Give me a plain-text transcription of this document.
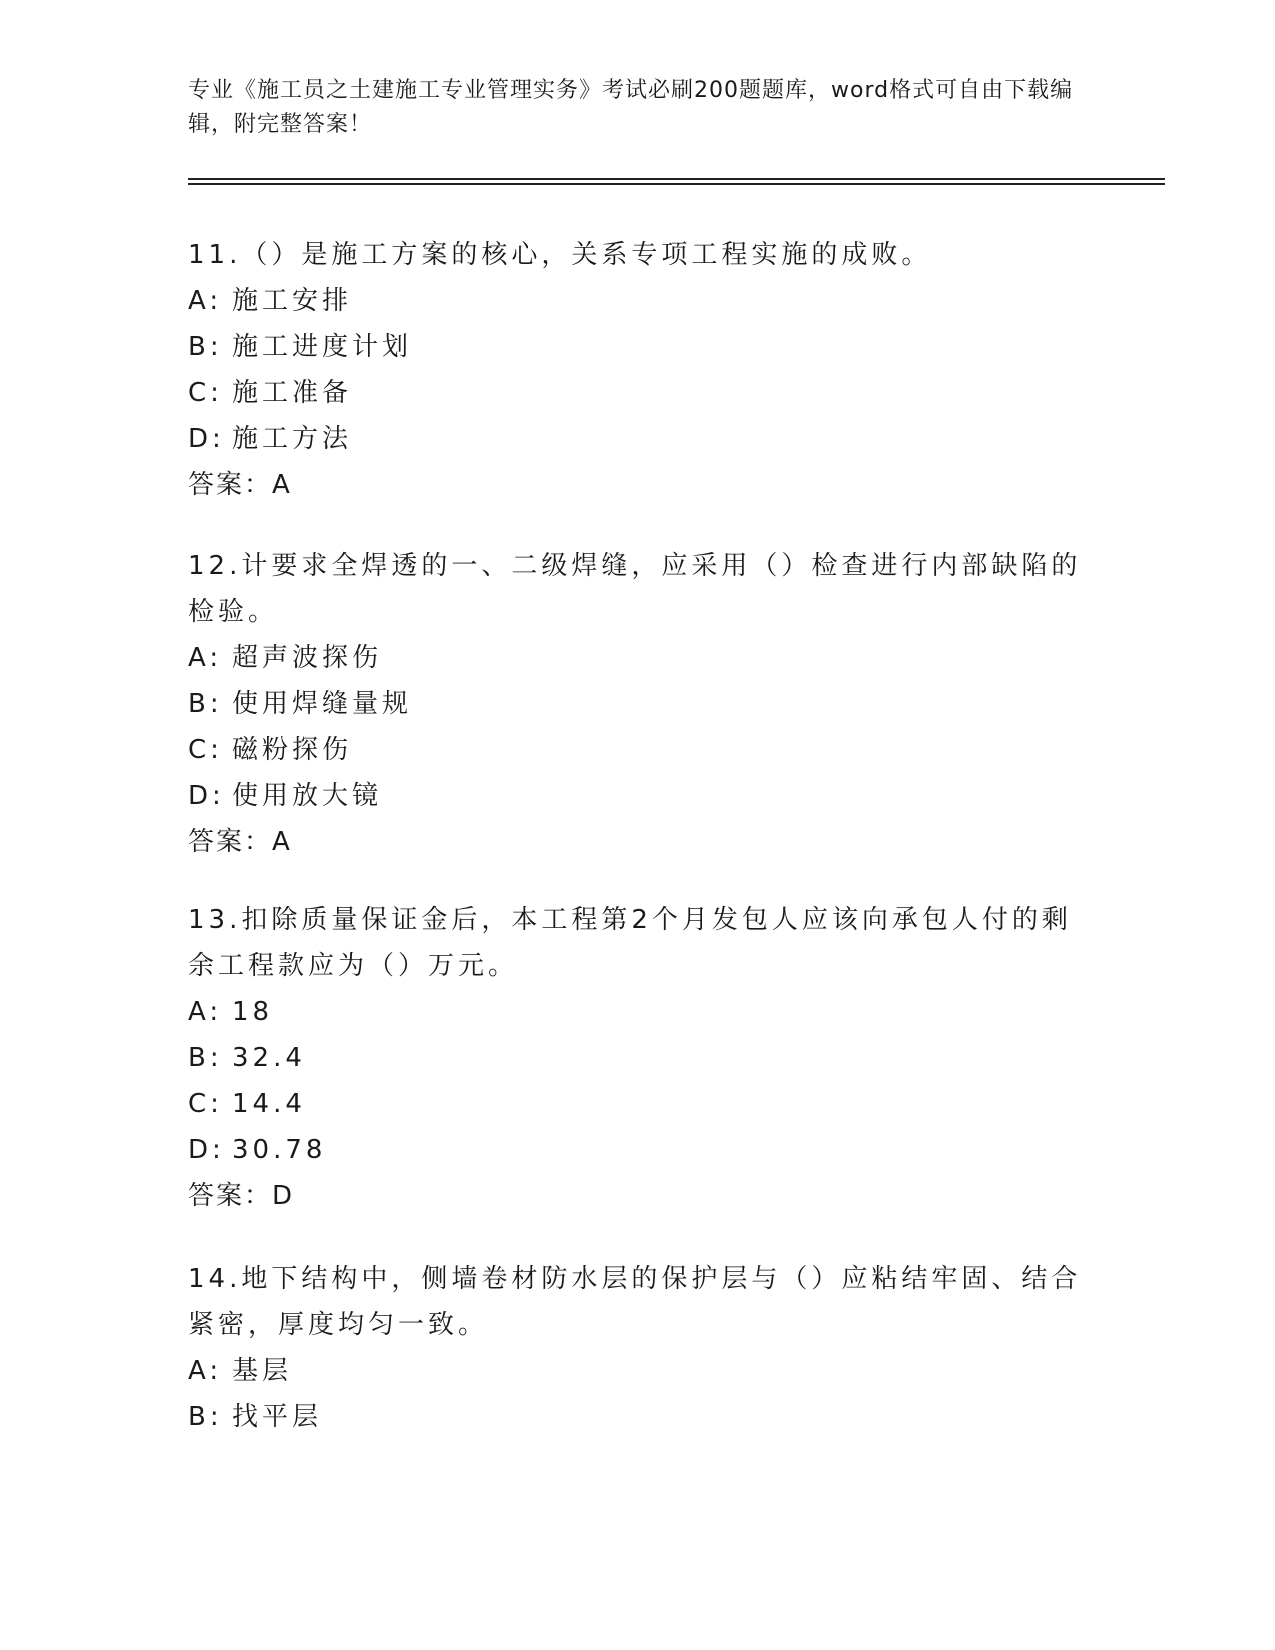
专业《施工员之土建施工专业管理实务》考试必刷200题题库，word格式可自由下载编辑，附完整答案！

11.（）是施工方案的核心，关系专项工程实施的成败。

A: 施工安排

B: 施工进度计划

C: 施工准备

D: 施工方法

答案：A

12.计要求全焊透的一、二级焊缝，应采用（）检查进行内部缺陷的检验。

A: 超声波探伤

B: 使用焊缝量规

C: 磁粉探伤

D: 使用放大镜

答案：A

13.扣除质量保证金后，本工程第2个月发包人应该向承包人付的剩余工程款应为（）万元。

A: 18

B: 32.4

C: 14.4

D: 30.78

答案：D

14.地下结构中，侧墙卷材防水层的保护层与（）应粘结牢固、结合紧密，厚度均匀一致。

A: 基层

B: 找平层
